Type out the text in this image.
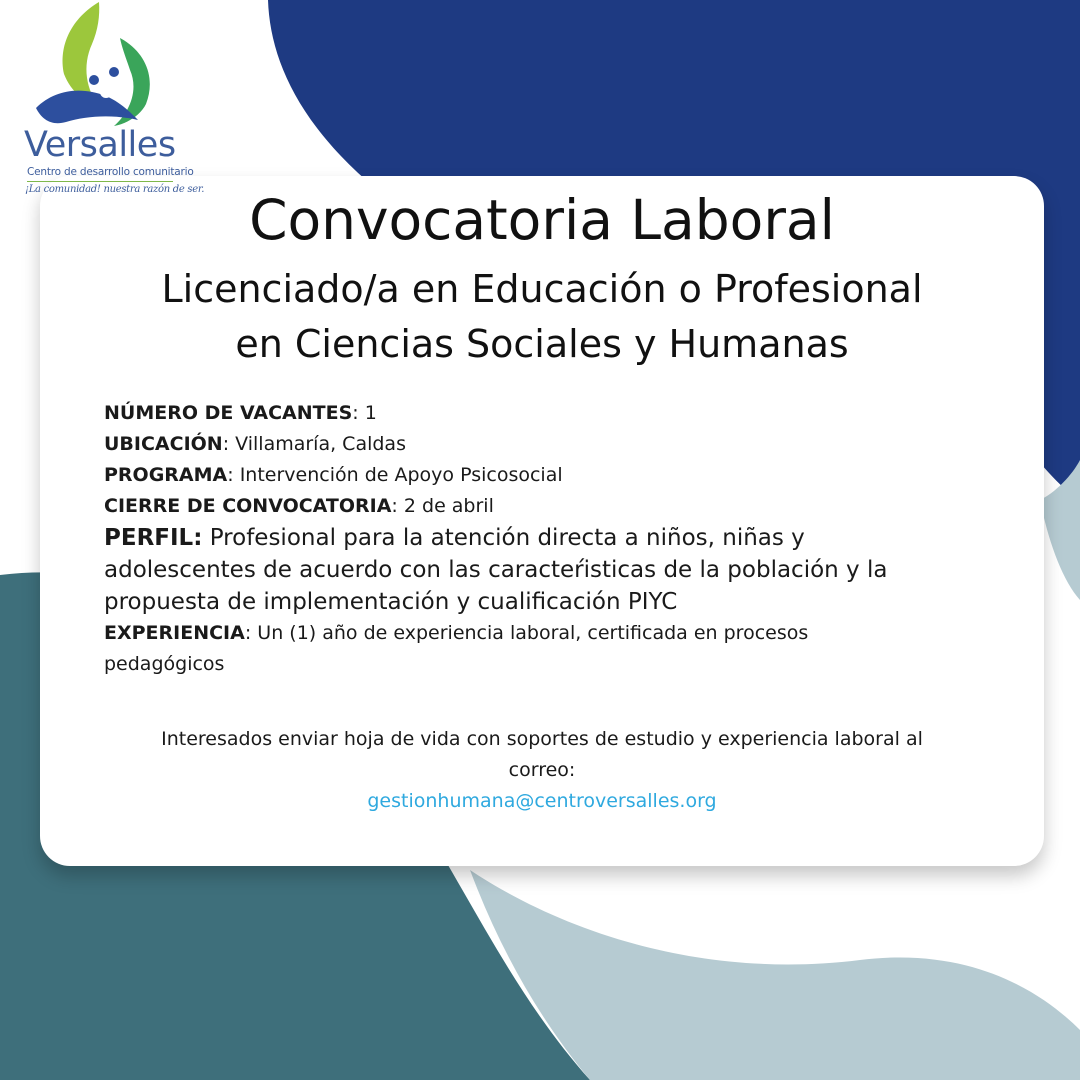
Versalles
Centro de desarrollo comunitario
¡La comunidad! nuestra razón de ser. Convocatoria Laboral
Licenciado/a en Educación o Profesional
en Ciencias Sociales y Humanas
NÚMERO DE VACANTES: 1
UBICACIÓN: Villamaría, Caldas
PROGRAMA: Intervención de Apoyo Psicosocial
CIERRE DE CONVOCATORIA: 2 de abril
PERFIL: Profesional para la atención directa a niños, niñas y
adolescentes de acuerdo con las caracteŕisticas de la población y la
propuesta de implementación y cualificación PIYC
EXPERIENCIA: Un (1) año de experiencia laboral, certificada en procesos
pedagógicos
Interesados enviar hoja de vida con soportes de estudio y experiencia laboral al
correo:
gestionhumana@centroversalles.org
